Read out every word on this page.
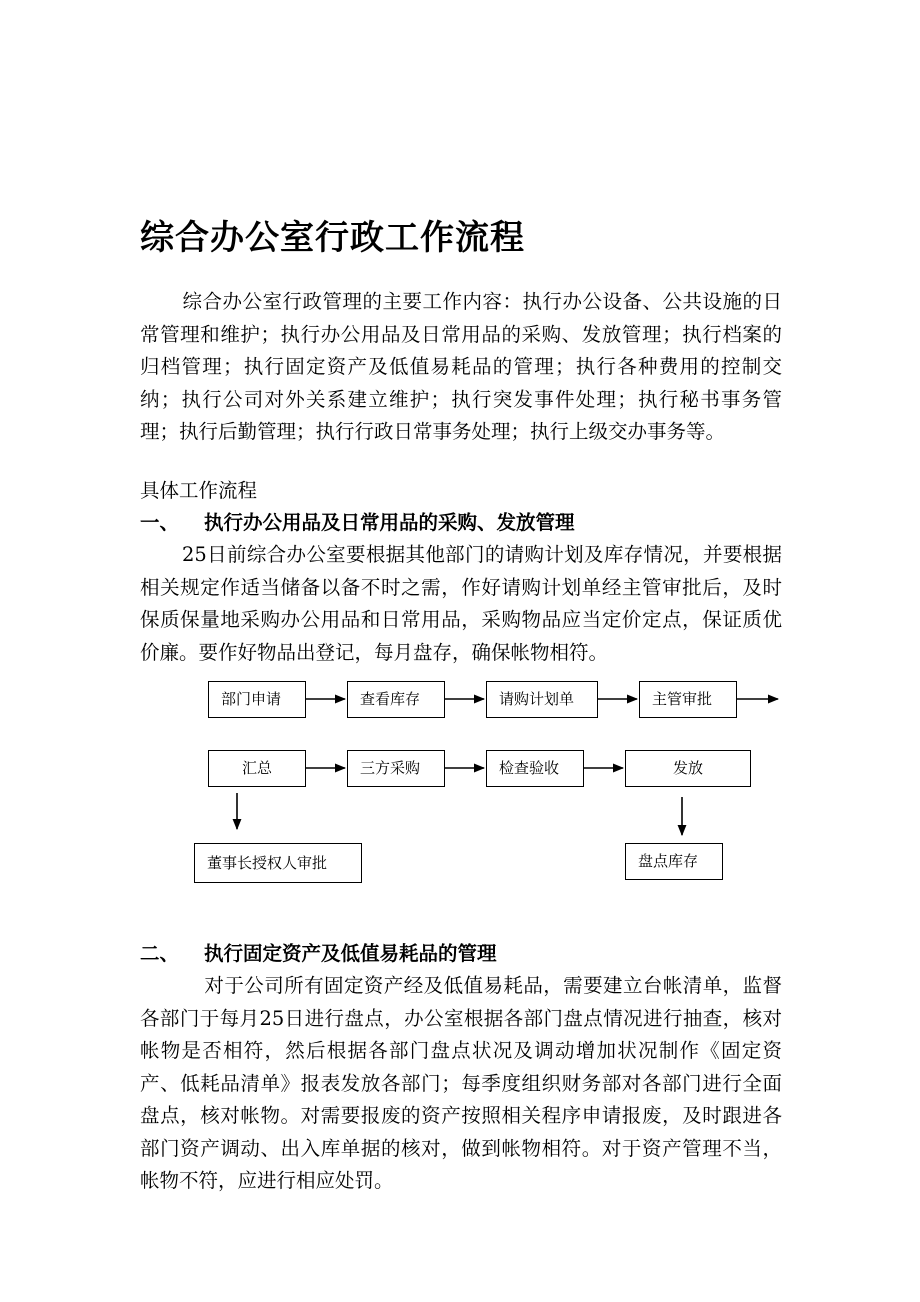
综合办公室行政工作流程

综合办公室行政管理的主要工作内容：执行办公设备、公共设施的日常管理和维护；执行办公用品及日常用品的采购、发放管理；执行档案的归档管理；执行固定资产及低值易耗品的管理；执行各种费用的控制交纳；执行公司对外关系建立维护；执行突发事件处理；执行秘书事务管理；执行后勤管理；执行行政日常事务处理；执行上级交办事务等。

具体工作流程
一、 执行办公用品及日常用品的采购、发放管理

25日前综合办公室要根据其他部门的请购计划及库存情况，并要根据相关规定作适当储备以备不时之需，作好请购计划单经主管审批后，及时保质保量地采购办公用品和日常用品，采购物品应当定价定点，保证质优价廉。要作好物品出登记，每月盘存，确保帐物相符。

部门申请	查看库存	请购计划单	主管审批
汇总	三方采购	检查验收	发放
董事长授权人审批	盘点库存
二、 执行固定资产及低值易耗品的管理

对于公司所有固定资产经及低值易耗品，需要建立台帐清单，监督各部门于每月25日进行盘点，办公室根据各部门盘点情况进行抽查，核对帐物是否相符，然后根据各部门盘点状况及调动增加状况制作《固定资产、低耗品清单》报表发放各部门；每季度组织财务部对各部门进行全面盘点，核对帐物。对需要报废的资产按照相关程序申请报废，及时跟进各部门资产调动、出入库单据的核对，做到帐物相符。对于资产管理不当，帐物不符，应进行相应处罚。
